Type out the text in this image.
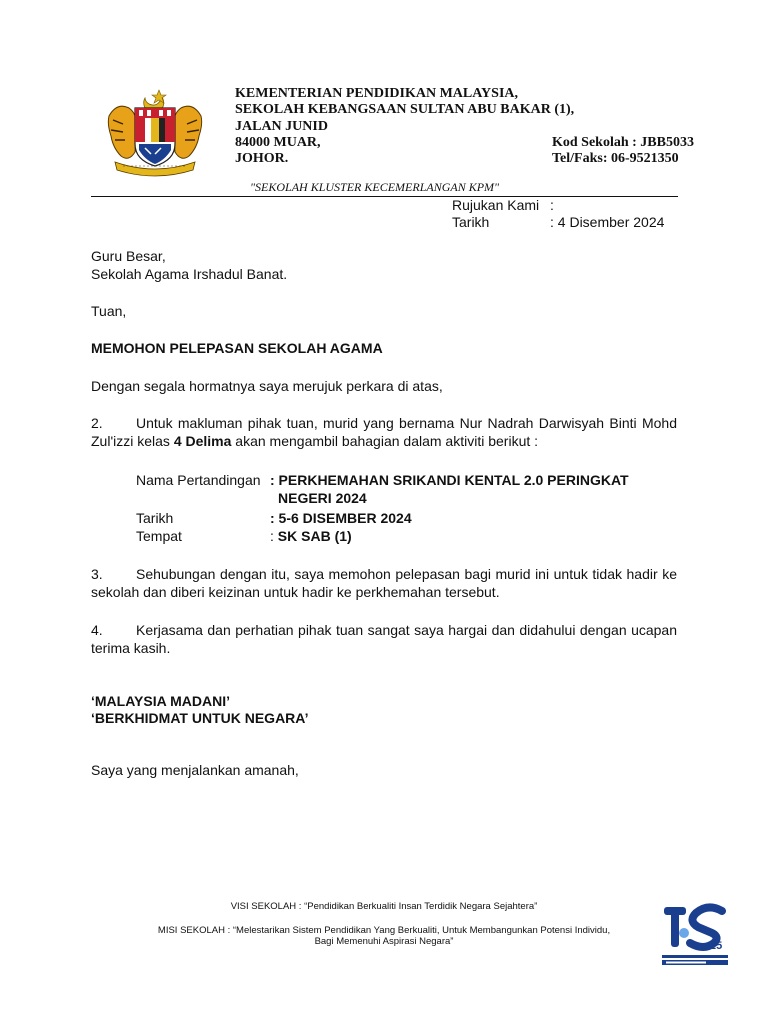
KEMENTERIAN PENDIDIKAN MALAYSIA,
SEKOLAH KEBANGSAAN SULTAN ABU BAKAR (1),
JALAN JUNID
84000 MUAR,
JOHOR.
Kod Sekolah : JBB5033
Tel/Faks: 06-9521350
"SEKOLAH KLUSTER KECEMERLANGAN KPM"
Rujukan Kami :
Tarikh	: 4 Disember 2024
Guru Besar,
Sekolah Agama Irshadul Banat.
Tuan,
MEMOHON PELEPASAN SEKOLAH AGAMA
Dengan segala hormatnya saya merujuk perkara di atas,
2. Untuk makluman pihak tuan, murid yang bernama Nur Nadrah Darwisyah Binti Mohd Zul'izzi kelas 4 Delima akan mengambil bahagian dalam aktiviti berikut :
Nama Pertandingan : PERKHEMAHAN SRIKANDI KENTAL 2.0 PERINGKAT
NEGERI 2024
Tarikh	: 5-6 DISEMBER 2024
Tempat	: SK SAB (1)
3. Sehubungan dengan itu, saya memohon pelepasan bagi murid ini untuk tidak hadir ke sekolah dan diberi keizinan untuk hadir ke perkhemahan tersebut.
4. Kerjasama dan perhatian pihak tuan sangat saya hargai dan didahului dengan ucapan terima kasih.
‘MALAYSIA MADANI’
‘BERKHIDMAT UNTUK NEGARA’
Saya yang menjalankan amanah,
VISI SEKOLAH : “Pendidikan Berkualiti Insan Terdidik Negara Sejahtera”
MISI SEKOLAH : “Melestarikan Sistem Pendidikan Yang Berkualiti, Untuk Membangunkan Potensi Individu,
Bagi Memenuhi Aspirasi Negara”	25
